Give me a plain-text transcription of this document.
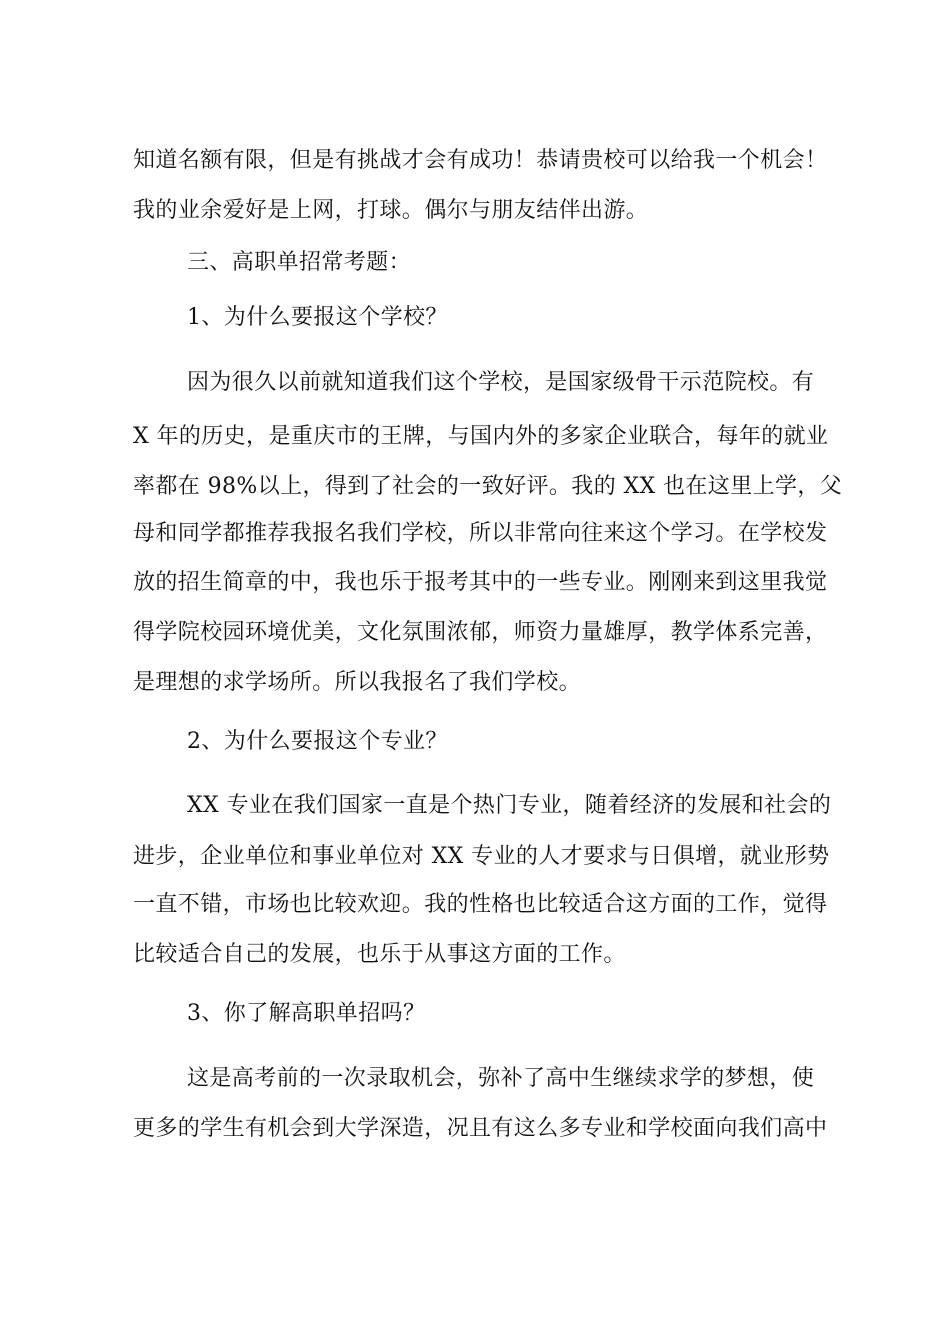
知道名额有限，但是有挑战才会有成功！恭请贵校可以给我一个机会！
我的业余爱好是上网，打球。偶尔与朋友结伴出游。
三、高职单招常考题：
1、为什么要报这个学校？
因为很久以前就知道我们这个学校，是国家级骨干示范院校。有
X 年的历史，是重庆市的王牌，与国内外的多家企业联合，每年的就业
率都在 98%以上，得到了社会的一致好评。我的 XX 也在这里上学，父
母和同学都推荐我报名我们学校，所以非常向往来这个学习。在学校发
放的招生简章的中，我也乐于报考其中的一些专业。刚刚来到这里我觉
得学院校园环境优美，文化氛围浓郁，师资力量雄厚，教学体系完善，
是理想的求学场所。所以我报名了我们学校。
2、为什么要报这个专业？
XX 专业在我们国家一直是个热门专业，随着经济的发展和社会的
进步，企业单位和事业单位对 XX 专业的人才要求与日俱增，就业形势
一直不错，市场也比较欢迎。我的性格也比较适合这方面的工作，觉得
比较适合自己的发展，也乐于从事这方面的工作。
3、你了解高职单招吗？
这是高考前的一次录取机会，弥补了高中生继续求学的梦想，使
更多的学生有机会到大学深造，况且有这么多专业和学校面向我们高中
